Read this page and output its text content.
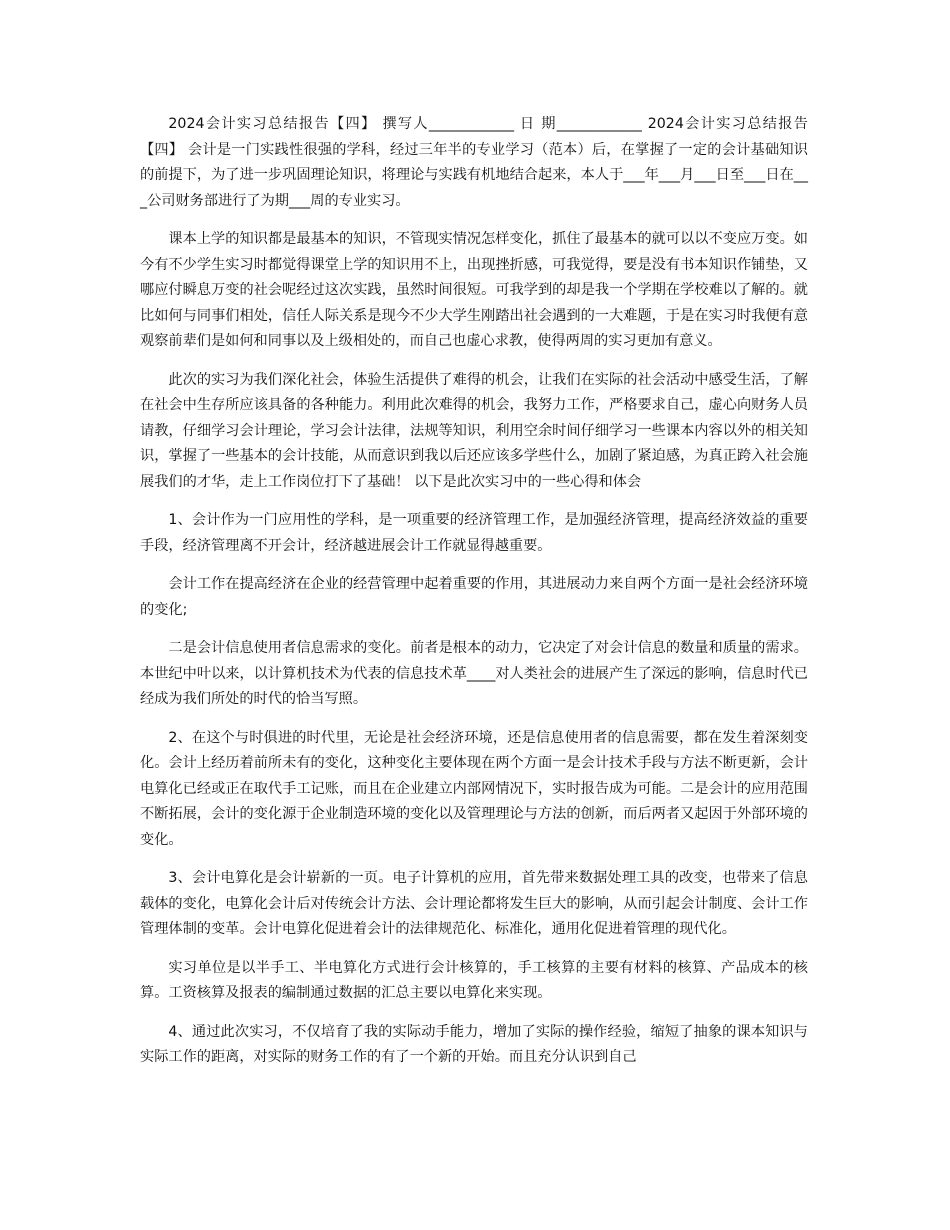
2024会计实习总结报告【四】 撰写人____________ 日 期____________ 2024会计实习总结报告【四】 会计是一门实践性很强的学科，经过三年半的专业学习（范本）后，在掌握了一定的会计基础知识的前提下，为了进一步巩固理论知识，将理论与实践有机地结合起来，本人于___年___月___日至___日在___公司财务部进行了为期___周的专业实习。

课本上学的知识都是最基本的知识，不管现实情况怎样变化，抓住了最基本的就可以以不变应万变。如今有不少学生实习时都觉得课堂上学的知识用不上，出现挫折感，可我觉得，要是没有书本知识作铺垫，又哪应付瞬息万变的社会呢经过这次实践，虽然时间很短。可我学到的却是我一个学期在学校难以了解的。就比如何与同事们相处，信任人际关系是现今不少大学生刚踏出社会遇到的一大难题，于是在实习时我便有意观察前辈们是如何和同事以及上级相处的，而自己也虚心求教，使得两周的实习更加有意义。

此次的实习为我们深化社会，体验生活提供了难得的机会，让我们在实际的社会活动中感受生活，了解在社会中生存所应该具备的各种能力。利用此次难得的机会，我努力工作，严格要求自己，虚心向财务人员请教，仔细学习会计理论，学习会计法律，法规等知识，利用空余时间仔细学习一些课本内容以外的相关知识，掌握了一些基本的会计技能，从而意识到我以后还应该多学些什么，加剧了紧迫感，为真正跨入社会施展我们的才华，走上工作岗位打下了基础！ 以下是此次实习中的一些心得和体会

1、会计作为一门应用性的学科，是一项重要的经济管理工作，是加强经济管理，提高经济效益的重要手段，经济管理离不开会计，经济越进展会计工作就显得越重要。

会计工作在提高经济在企业的经营管理中起着重要的作用，其进展动力来自两个方面一是社会经济环境的变化;

二是会计信息使用者信息需求的变化。前者是根本的动力，它决定了对会计信息的数量和质量的需求。本世纪中叶以来，以计算机技术为代表的信息技术革____对人类社会的进展产生了深远的影响，信息时代已经成为我们所处的时代的恰当写照。

2、在这个与时俱进的时代里，无论是社会经济环境，还是信息使用者的信息需要，都在发生着深刻变化。会计上经历着前所未有的变化，这种变化主要体现在两个方面一是会计技术手段与方法不断更新，会计电算化已经或正在取代手工记账，而且在企业建立内部网情况下，实时报告成为可能。二是会计的应用范围不断拓展，会计的变化源于企业制造环境的变化以及管理理论与方法的创新，而后两者又起因于外部环境的变化。

3、会计电算化是会计崭新的一页。电子计算机的应用，首先带来数据处理工具的改变，也带来了信息载体的变化，电算化会计后对传统会计方法、会计理论都将发生巨大的影响，从而引起会计制度、会计工作管理体制的变革。会计电算化促进着会计的法律规范化、标准化，通用化促进着管理的现代化。

实习单位是以半手工、半电算化方式进行会计核算的，手工核算的主要有材料的核算、产品成本的核算。工资核算及报表的编制通过数据的汇总主要以电算化来实现。

4、通过此次实习，不仅培育了我的实际动手能力，增加了实际的操作经验，缩短了抽象的课本知识与实际工作的距离，对实际的财务工作的有了一个新的开始。而且充分认识到自己
